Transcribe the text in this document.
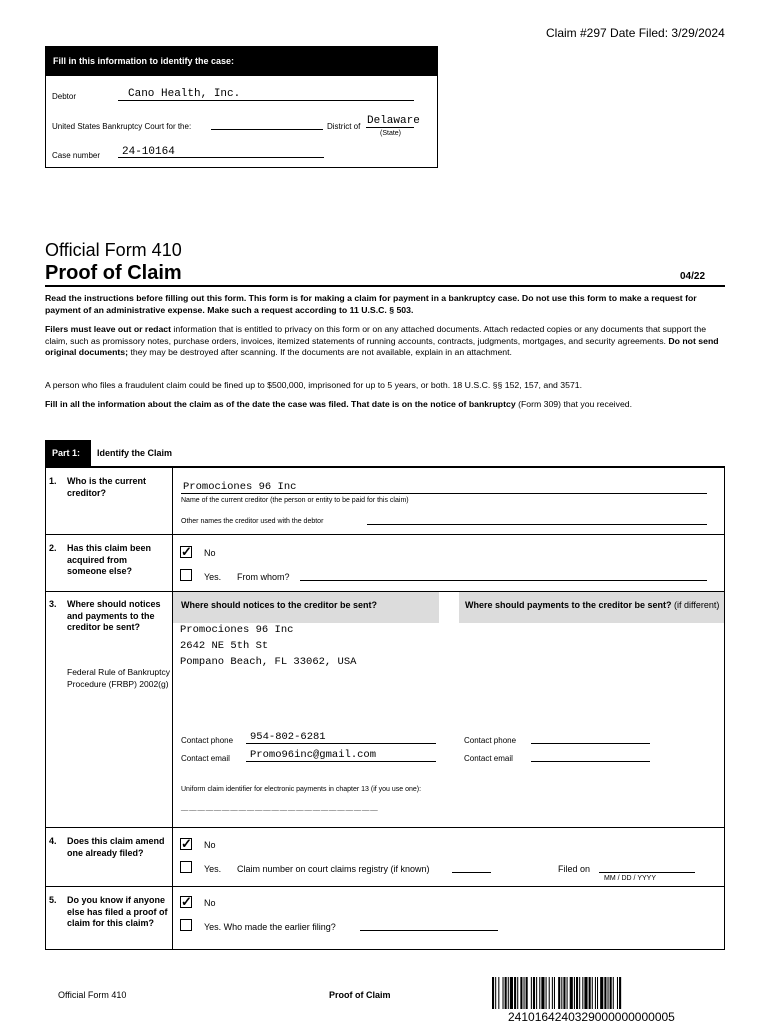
Claim #297 Date Filed: 3/29/2024
Fill in this information to identify the case:
Debtor	Cano Health, Inc.
United States Bankruptcy Court for the:	District of Delaware
(State)
Case number 24-10164
Official Form 410
Proof of Claim	04/22

Read the instructions before filling out this form. This form is for making a claim for payment in a bankruptcy case. Do not use this form to make a request for payment of an administrative expense. Make such a request according to 11 U.S.C. § 503.

Filers must leave out or redact information that is entitled to privacy on this form or on any attached documents. Attach redacted copies or any documents that support the claim, such as promissory notes, purchase orders, invoices, itemized statements of running accounts, contracts, judgments, mortgages, and security agreements. Do not send original documents; they may be destroyed after scanning. If the documents are not available, explain in an attachment.

A person who files a fraudulent claim could be fined up to $500,000, imprisoned for up to 5 years, or both. 18 U.S.C. §§ 152, 157, and 3571.

Fill in all the information about the claim as of the date the case was filed. That date is on the notice of bankruptcy (Form 309) that you received.

Part 1:	Identify the Claim
1. Who is the current creditor?	Promociones 96 Inc
Name of the current creditor (the person or entity to be paid for this claim)
Other names the creditor used with the debtor
2. Has this claim been acquired from someone else?
✓ No
Yes. From whom?
3. Where should notices and payments to the creditor be sent?
Federal Rule of Bankruptcy Procedure (FRBP) 2002(g)
Where should notices to the creditor be sent?	Where should payments to the creditor be sent? (if different)
Promociones 96 Inc
2642 NE 5th St
Pompano Beach, FL 33062, USA
Contact phone 954-802-6281
Contact email Promo96inc@gmail.com
Contact phone
Contact email
Uniform claim identifier for electronic payments in chapter 13 (if you use one):
__ __ __ __ __ __ __ __ __ __ __ __ __ __ __ __ __ __ __ __ __ __ __ __
4. Does this claim amend one already filed?
✓ No
Yes. Claim number on court claims registry (if known)	Filed on
MM / DD / YYYY
5. Do you know if anyone else has filed a proof of claim for this claim?
✓ No
Yes. Who made the earlier filing?
Official Form 410	Proof of Claim
2410164240329000000000005
